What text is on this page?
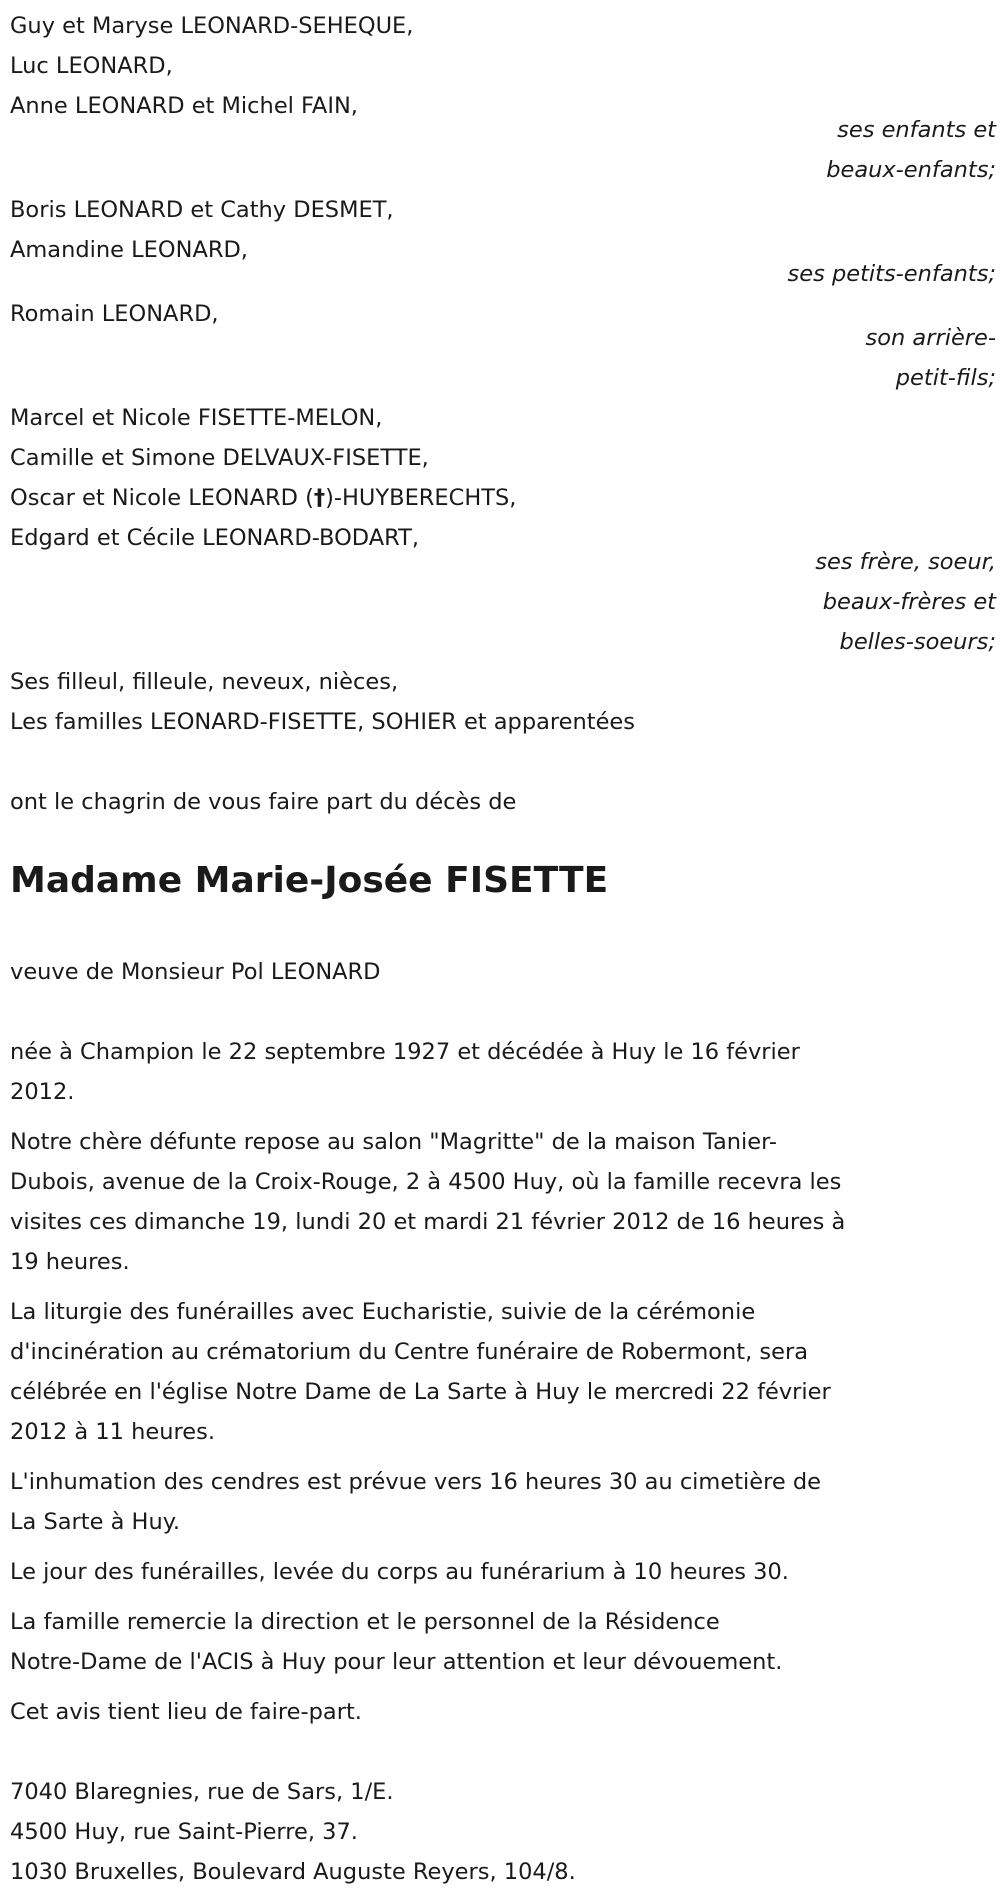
Guy et Maryse LEONARD-SEHEQUE,
Luc LEONARD,
Anne LEONARD et Michel FAIN,
ses enfants et
beaux-enfants;
Boris LEONARD et Cathy DESMET,
Amandine LEONARD,
ses petits-enfants;
Romain LEONARD,
son arrière-
petit-fils;
Marcel et Nicole FISETTE-MELON,
Camille et Simone DELVAUX-FISETTE,
Oscar et Nicole LEONARD (†)-HUYBERECHTS,
Edgard et Cécile LEONARD-BODART,
ses frère, soeur,
beaux-frères et
belles-soeurs;
Ses filleul, filleule, neveux, nièces,
Les familles LEONARD-FISETTE, SOHIER et apparentées
ont le chagrin de vous faire part du décès de
Madame Marie-Josée FISETTE
veuve de Monsieur Pol LEONARD
née à Champion le 22 septembre 1927 et décédée à Huy le 16 février
2012.
Notre chère défunte repose au salon "Magritte" de la maison Tanier-
Dubois, avenue de la Croix-Rouge, 2 à 4500 Huy, où la famille recevra les
visites ces dimanche 19, lundi 20 et mardi 21 février 2012 de 16 heures à
19 heures.
La liturgie des funérailles avec Eucharistie, suivie de la cérémonie
d'incinération au crématorium du Centre funéraire de Robermont, sera
célébrée en l'église Notre Dame de La Sarte à Huy le mercredi 22 février
2012 à 11 heures.
L'inhumation des cendres est prévue vers 16 heures 30 au cimetière de
La Sarte à Huy.
Le jour des funérailles, levée du corps au funérarium à 10 heures 30.
La famille remercie la direction et le personnel de la Résidence
Notre-Dame de l'ACIS à Huy pour leur attention et leur dévouement.
Cet avis tient lieu de faire-part.
7040 Blaregnies, rue de Sars, 1/E.
4500 Huy, rue Saint-Pierre, 37.
1030 Bruxelles, Boulevard Auguste Reyers, 104/8.
